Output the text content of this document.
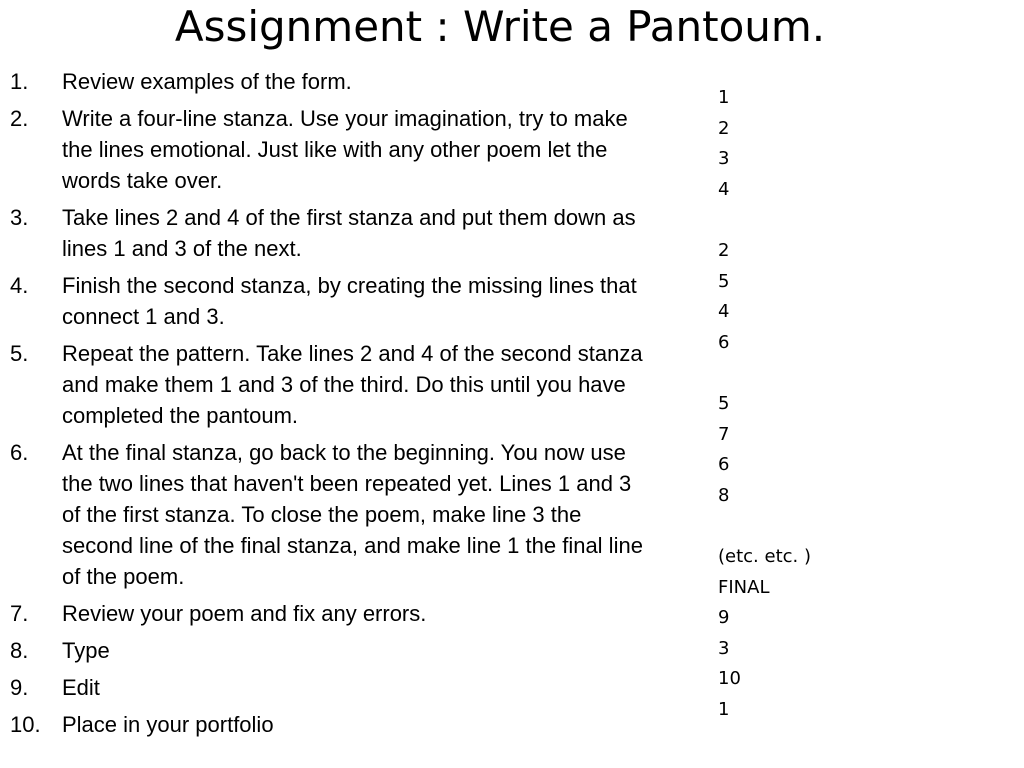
Assignment : Write a Pantoum.
1.	Review examples of the form.
2.	Write a four-line stanza. Use your imagination, try to make the lines emotional. Just like with any other poem let the words take over.
3.	Take lines 2 and 4 of the first stanza and put them down as lines 1 and 3 of the next.
4.	Finish the second stanza, by creating the missing lines that connect 1 and 3.
5.	Repeat the pattern. Take lines 2 and 4 of the second stanza and make them 1 and 3 of the third. Do this until you have completed the pantoum.
6.	At the final stanza, go back to the beginning. You now use the two lines that haven't been repeated yet. Lines 1 and 3 of the first stanza. To close the poem, make line 3 the second line of the final stanza, and make line 1 the final line of the poem.
7.	Review your poem and fix any errors.
8.	Type
9.	Edit
10. Place in your portfolio
1
2
3
4
2
5
4
6
5
7
6
8
(etc. etc. )
FINAL
9
3
10
1
